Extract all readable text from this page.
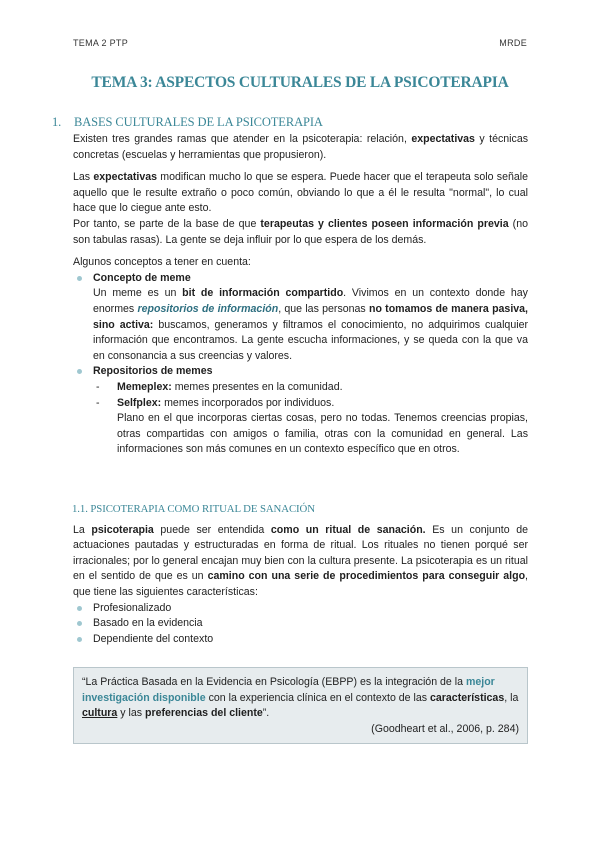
TEMA 2 PTP	MRDE
TEMA 3: ASPECTOS CULTURALES DE LA PSICOTERAPIA
1. BASES CULTURALES DE LA PSICOTERAPIA

Existen tres grandes ramas que atender en la psicoterapia: relación, expectativas y técnicas concretas (escuelas y herramientas que propusieron).

Las expectativas modifican mucho lo que se espera. Puede hacer que el terapeuta solo señale aquello que le resulte extraño o poco común, obviando lo que a él le resulta "normal", lo cual hace que lo ciegue ante esto.

Por tanto, se parte de la base de que terapeutas y clientes poseen información previa (no son tabulas rasas). La gente se deja influir por lo que espera de los demás.

Algunos conceptos a tener en cuenta:

Concepto de meme

Un meme es un bit de información compartido. Vivimos en un contexto donde hay enormes repositorios de información, que las personas no tomamos de manera pasiva, sino activa: buscamos, generamos y filtramos el conocimiento, no adquirimos cualquier información que encontramos. La gente escucha informaciones, y se queda con la que va en consonancia a sus creencias y valores.

Repositorios de memes
- Memeplex: memes presentes en la comunidad.
- Selfplex: memes incorporados por individuos.

Plano en el que incorporas ciertas cosas, pero no todas. Tenemos creencias propias, otras compartidas con amigos o familia, otras con la comunidad en general. Las informaciones son más comunes en un contexto específico que en otros.

1.1. PSICOTERAPIA COMO RITUAL DE SANACIÓN

La psicoterapia puede ser entendida como un ritual de sanación. Es un conjunto de actuaciones pautadas y estructuradas en forma de ritual. Los rituales no tienen porqué ser irracionales; por lo general encajan muy bien con la cultura presente. La psicoterapia es un ritual en el sentido de que es un camino con una serie de procedimientos para conseguir algo, que tiene las siguientes características:

Profesionalizado
Basado en la evidencia
Dependiente del contexto

“La Práctica Basada en la Evidencia en Psicología (EBPP) es la integración de la mejor investigación disponible con la experiencia clínica en el contexto de las características, la cultura y las preferencias del cliente”.

(Goodheart et al., 2006, p. 284)
